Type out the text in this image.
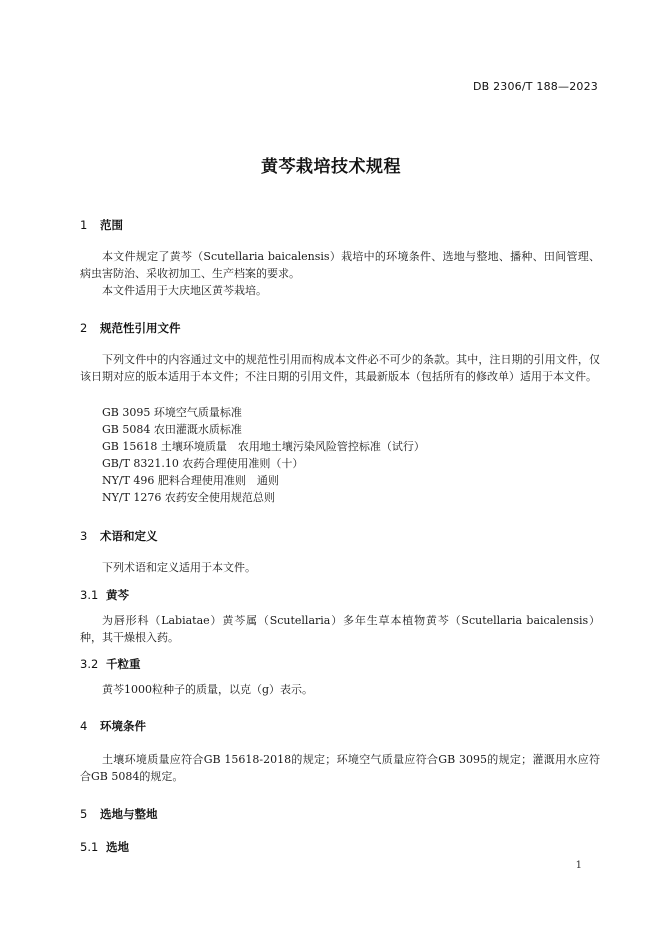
DB 2306/T 188—2023
黄芩栽培技术规程
1 范围
本文件规定了黄芩（Scutellaria baicalensis）栽培中的环境条件、选地与整地、播种、田间管理、病虫害防治、采收初加工、生产档案的要求。
本文件适用于大庆地区黄芩栽培。
2 规范性引用文件
下列文件中的内容通过文中的规范性引用而构成本文件必不可少的条款。其中，注日期的引用文件，仅该日期对应的版本适用于本文件；不注日期的引用文件，其最新版本（包括所有的修改单）适用于本文件。
GB 3095 环境空气质量标准
GB 5084 农田灌溉水质标准
GB 15618 土壤环境质量　农用地土壤污染风险管控标准（试行）
GB/T 8321.10 农药合理使用准则（十）
NY/T 496 肥料合理使用准则　通则
NY/T 1276 农药安全使用规范总则
3 术语和定义
下列术语和定义适用于本文件。
3.1 黄芩
为唇形科（Labiatae）黄芩属（Scutellaria）多年生草本植物黄芩（Scutellaria baicalensis）种，其干燥根入药。
3.2 千粒重
黄芩1000粒种子的质量，以克（g）表示。
4 环境条件
土壤环境质量应符合GB 15618-2018的规定；环境空气质量应符合GB 3095的规定；灌溉用水应符合GB 5084的规定。
5 选地与整地
5.1 选地
1
